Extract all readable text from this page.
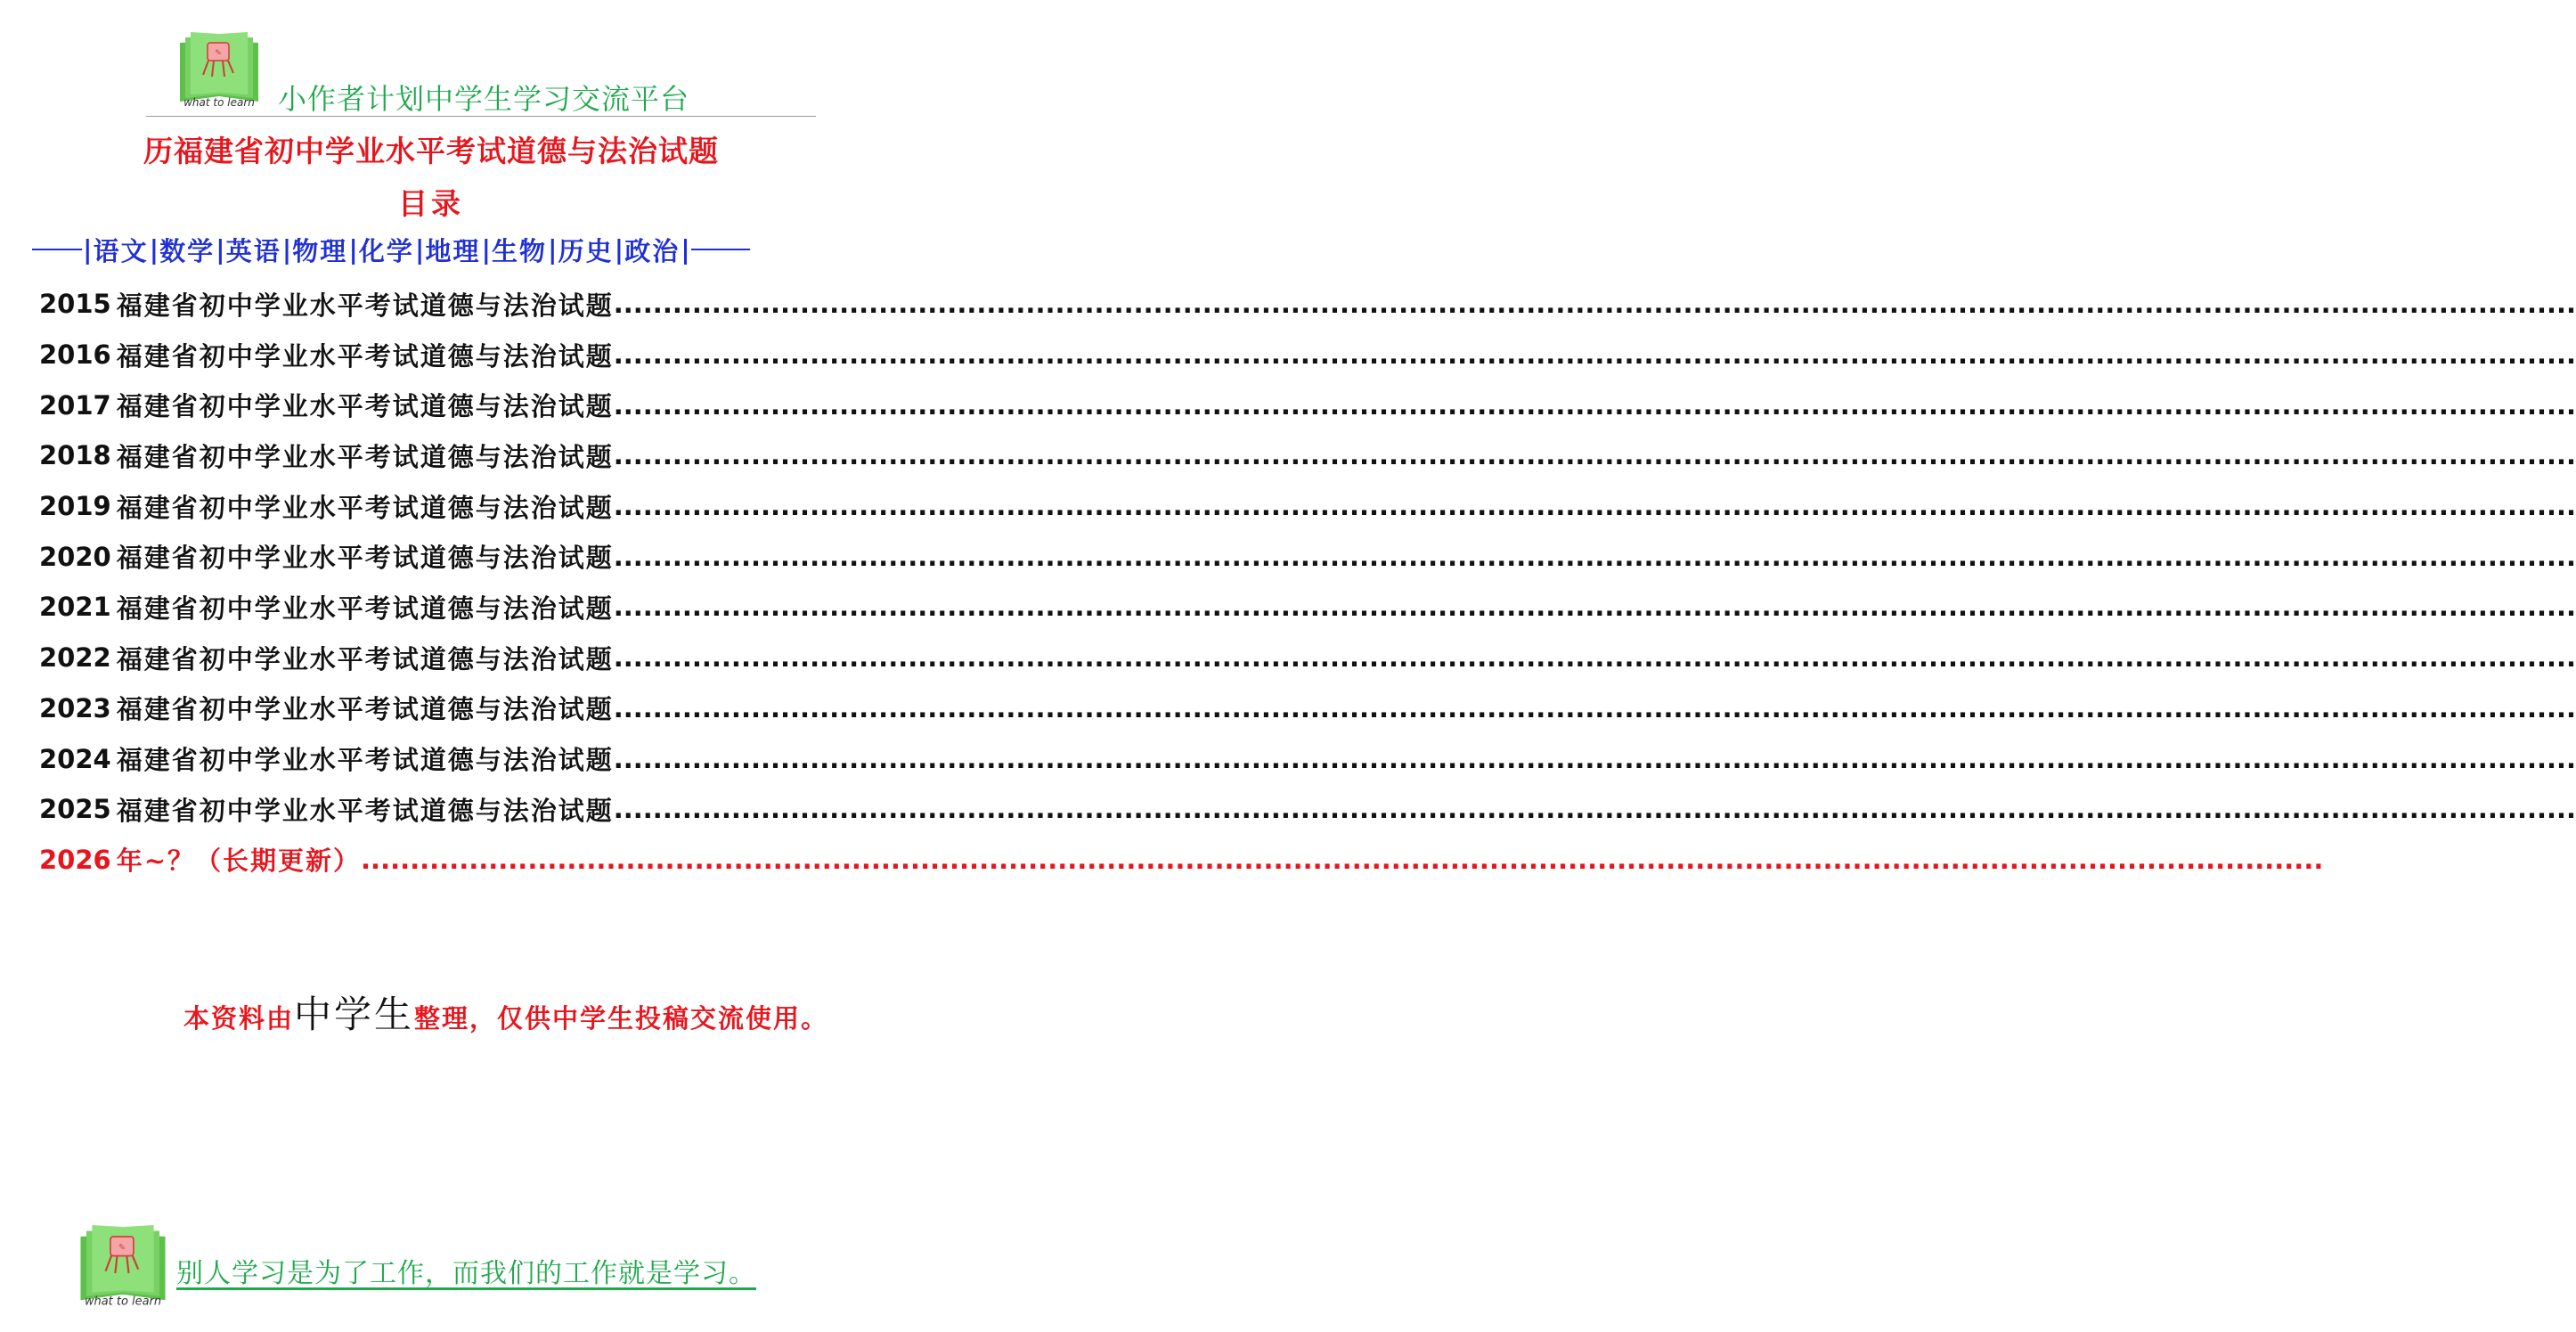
✎
what to learn 小作者计划中学生学习交流平台
历福建省初中学业水平考试道德与法治试题
目录
| 语文 | 数学 | 英语 | 物理 | 化学 | 地理 | 生物 | 历史 | 政治 |
2015 福建省初中学业水平考试道德与法治试题 ........................................................................................................................................................................................................
2016 福建省初中学业水平考试道德与法治试题 ........................................................................................................................................................................................................
2017 福建省初中学业水平考试道德与法治试题 ........................................................................................................................................................................................................
2018 福建省初中学业水平考试道德与法治试题 ........................................................................................................................................................................................................
2019 福建省初中学业水平考试道德与法治试题 ........................................................................................................................................................................................................
2020 福建省初中学业水平考试道德与法治试题 ........................................................................................................................................................................................................
2021 福建省初中学业水平考试道德与法治试题 ........................................................................................................................................................................................................
2022 福建省初中学业水平考试道德与法治试题 ........................................................................................................................................................................................................
2023 福建省初中学业水平考试道德与法治试题 ........................................................................................................................................................................................................
2024 福建省初中学业水平考试道德与法治试题 ........................................................................................................................................................................................................
2025 福建省初中学业水平考试道德与法治试题 ........................................................................................................................................................................................................
2026 年~？（长期更新） ........................................................................................................................................................................................................
本资料由中学生整理，仅供中学生投稿交流使用。
✎
what to learn
别人学习是为了工作，而我们的工作就是学习。
